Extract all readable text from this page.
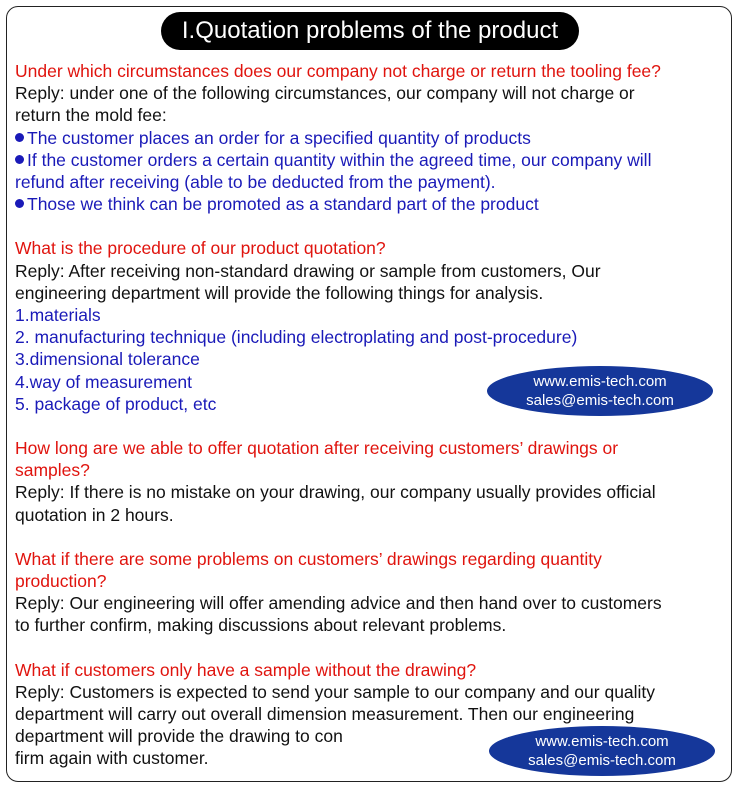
I.Quotation problems of the product

Under which circumstances does our company not charge or return the tooling fee?

Reply: under one of the following circumstances, our company will not charge or

return the mold fee:

The customer places an order for a specified quantity of products

If the customer orders a certain quantity within the agreed time, our company will

refund after receiving (able to be deducted from the payment).

Those we think can be promoted as a standard part of the product

What is the procedure of our product quotation?

Reply: After receiving non-standard drawing or sample from customers, Our

engineering department will provide the following things for analysis.

1.materials

2. manufacturing technique (including electroplating and post-procedure)

3.dimensional tolerance

4.way of measurement

5. package of product, etc

How long are we able to offer quotation after receiving customers’ drawings or

samples?

Reply: If there is no mistake on your drawing, our company usually provides official

quotation in 2 hours.

What if there are some problems on customers’ drawings regarding quantity

production?

Reply: Our engineering will offer amending advice and then hand over to customers

to further confirm, making discussions about relevant problems.

What if customers only have a sample without the drawing?

Reply: Customers is expected to send your sample to our company and our quality

department will carry out overall dimension measurement. Then our engineering

department will provide the drawing to con

firm again with customer.

www.emis-tech.com
sales@emis-tech.com
www.emis-tech.com
sales@emis-tech.com
